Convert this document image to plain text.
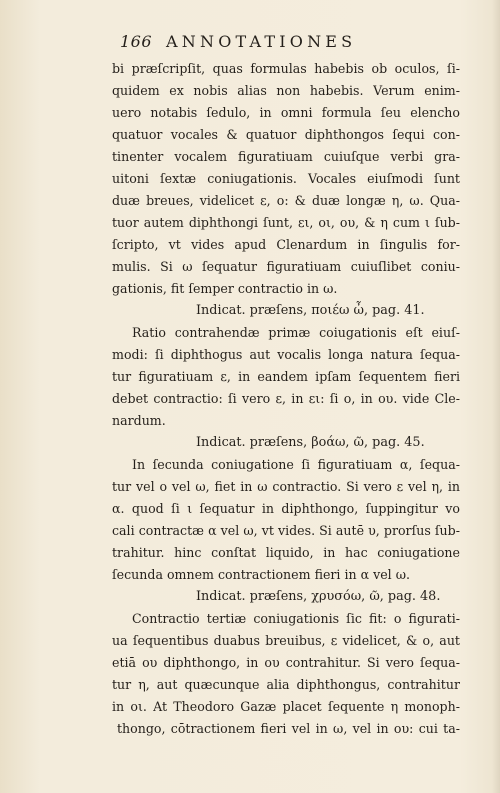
166 ANNOTATIONES
bi præſcripſit, quas formulas habebis ob oculos, ſi-
quidem ex nobis alias non habebis. Verum enim-
uero notabis ſedulo, in omni formula ſeu elencho
quatuor vocales & quatuor diphthongos ſequi con-
tinenter vocalem figuratiuam cuiuſque verbi gra-
uitoni ſextæ coniugationis. Vocales eiuſmodi ſunt
duæ breues, videlicet ε, ο: & duæ longæ η, ω. Qua-
tuor autem diphthongi ſunt, ει, οι, ου, & η cum ι ſub-
ſcripto, vt vides apud Clenardum in ſingulis for-
mulis. Si ω ſequatur figuratiuam cuiuſlibet coniu-
gationis, fit ſemper contractio in ω.
Indicat. præſens, ποιέω ὦ, pag. 41.
Ratio contrahendæ primæ coiugationis eſt eiuſ-
modi: ſi diphthogus aut vocalis longa natura ſequa-
tur figuratiuam ε, in eandem ipſam ſequentem fieri
debet contractio: ſi vero ε, in ει: ſi ο, in ου. vide Cle-
nardum.
Indicat. præſens, βοάω, ῶ, pag. 45.
In ſecunda coniugatione ſi figuratiuam α, ſequa-
tur vel ο vel ω, fiet in ω contractio. Si vero ε vel η, in
α. quod ſi ι ſequatur in diphthongo, ſuppingitur vo
cali contractæ α vel ω, vt vides. Si autē υ, prorſus ſub-
trahitur. hinc conſtat liquido, in hac coniugatione
ſecunda omnem contractionem fieri in α vel ω.
Indicat. præſens, χρυσόω, ῶ, pag. 48.
Contractio tertiæ coniugationis ſic fit: ο figurati-
ua ſequentibus duabus breuibus, ε videlicet, & ο, aut
etiā ου diphthongo, in ου contrahitur. Si vero ſequa-
tur η, aut quæcunque alia diphthongus, contrahitur
in οι. At Theodoro Gazæ placet ſequente η monoph-
thongo, cōtractionem fieri vel in ω, vel in ου: cui ta-
